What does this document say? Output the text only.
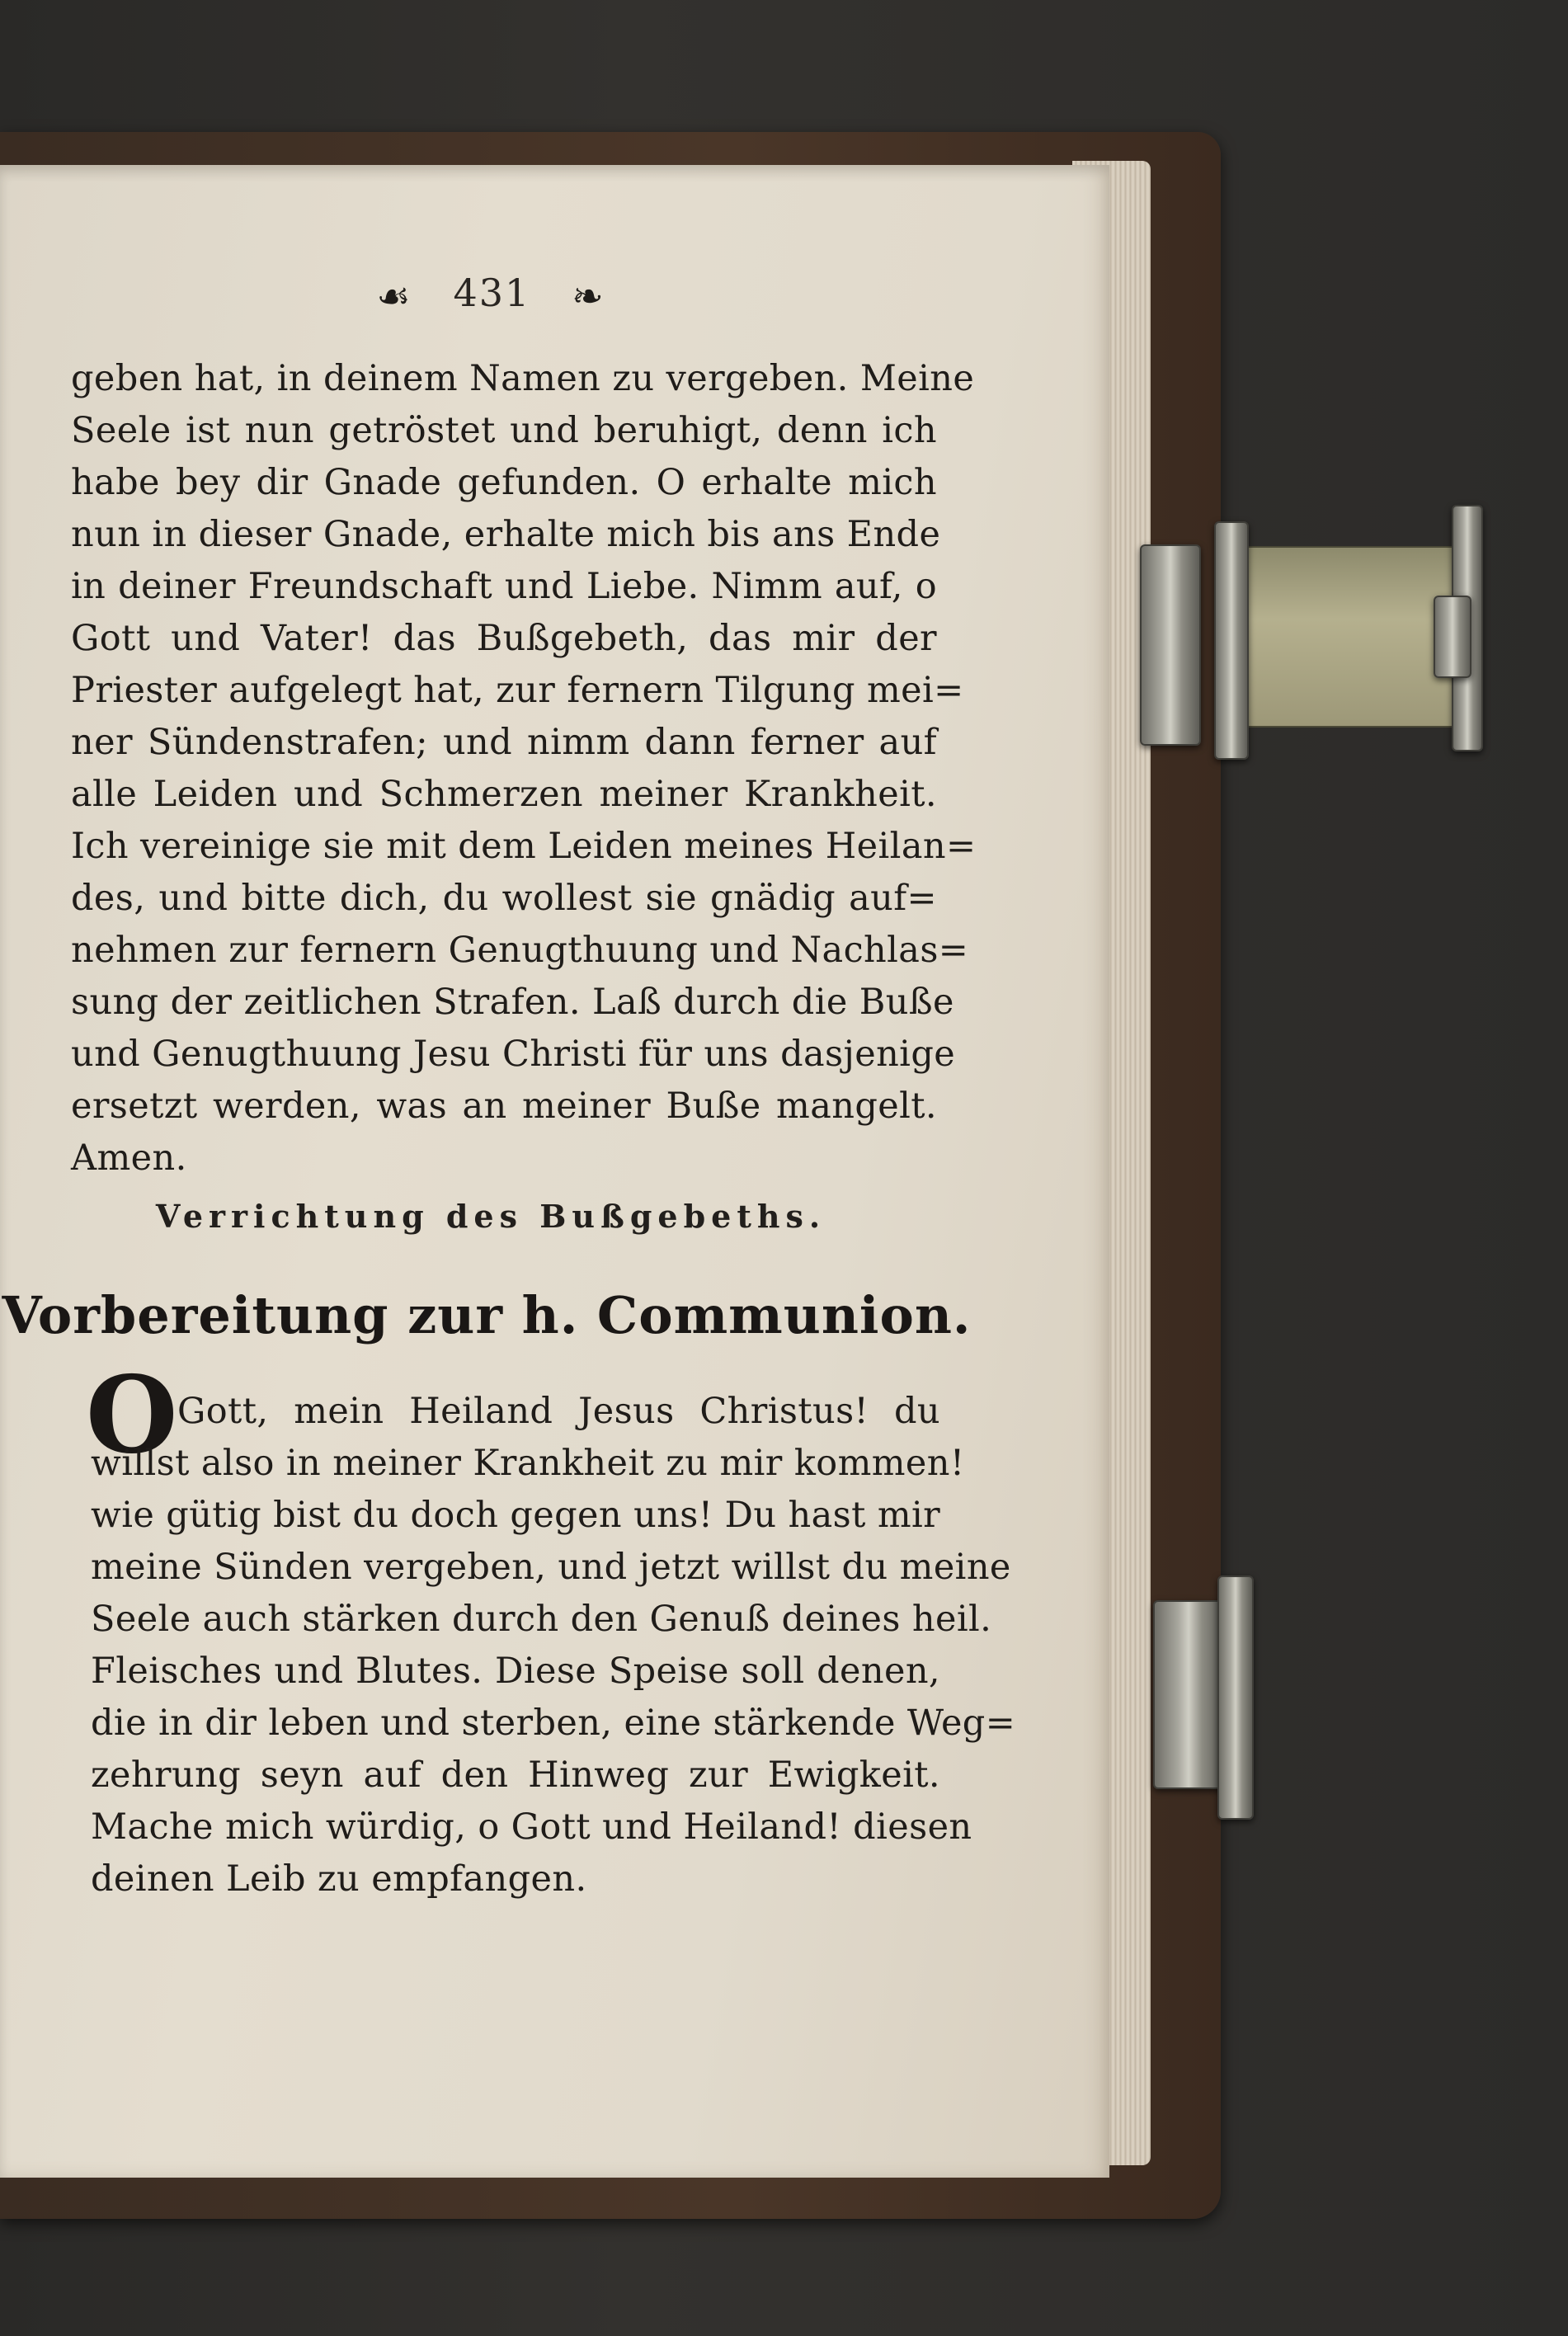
☙ 431 ❧
geben hat, in deinem Namen zu vergeben. Meine
Seele ist nun getröstet und beruhigt, denn ich
habe bey dir Gnade gefunden. O erhalte mich
nun in dieser Gnade, erhalte mich bis ans Ende
in deiner Freundschaft und Liebe. Nimm auf, o
Gott und Vater! das Bußgebeth, das mir der
Priester aufgelegt hat, zur fernern Tilgung mei=
ner Sündenstrafen; und nimm dann ferner auf
alle Leiden und Schmerzen meiner Krankheit.
Ich vereinige sie mit dem Leiden meines Heilan=
des, und bitte dich, du wollest sie gnädig auf=
nehmen zur fernern Genugthuung und Nachlas=
sung der zeitlichen Strafen. Laß durch die Buße
und Genugthuung Jesu Christi für uns dasjenige
ersetzt werden, was an meiner Buße mangelt.
Amen.
Verrichtung des Bußgebeths.
Vorbereitung zur h. Communion.
O Gott, mein Heiland Jesus Christus! du
willst also in meiner Krankheit zu mir kommen!
wie gütig bist du doch gegen uns! Du hast mir
meine Sünden vergeben, und jetzt willst du meine
Seele auch stärken durch den Genuß deines heil.
Fleisches und Blutes. Diese Speise soll denen,
die in dir leben und sterben, eine stärkende Weg=
zehrung seyn auf den Hinweg zur Ewigkeit.
Mache mich würdig, o Gott und Heiland! diesen
deinen Leib zu empfangen.
